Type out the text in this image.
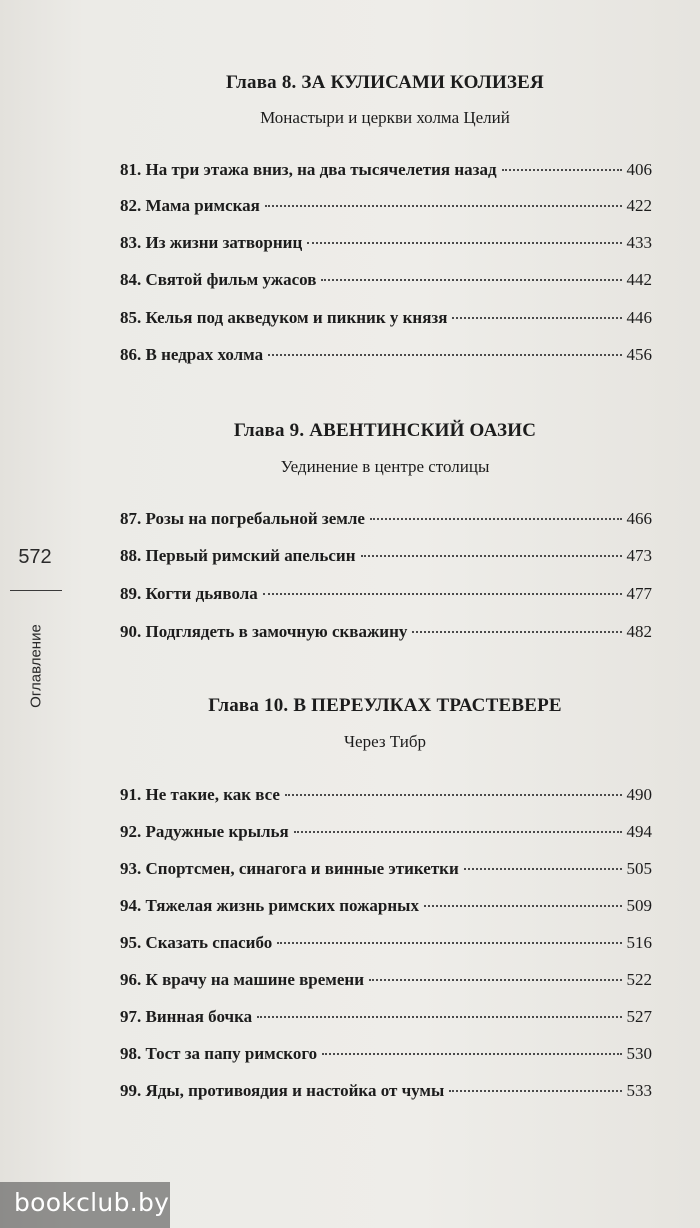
Глава 8. ЗА КУЛИСАМИ КОЛИЗЕЯ
Монастыри и церкви холма Целий
81. На три этажа вниз, на два тысячелетия назад	406
82. Мама римская	422
83. Из жизни затворниц	433
84. Святой фильм ужасов	442
85. Келья под акведуком и пикник у князя	446
86. В недрах холма	456
Глава 9. АВЕНТИНСКИЙ ОАЗИС
Уединение в центре столицы
87. Розы на погребальной земле	466
88. Первый римский апельсин	473
89. Когти дьявола	477
90. Подглядеть в замочную скважину	482
Глава 10. В ПЕРЕУЛКАХ ТРАСТЕВЕРЕ
Через Тибр
91. Не такие, как все	490
92. Радужные крылья	494
93. Спортсмен, синагога и винные этикетки	505
94. Тяжелая жизнь римских пожарных	509
95. Сказать спасибо	516
96. К врачу на машине времени	522
97. Винная бочка	527
98. Тост за папу римского	530
99. Яды, противоядия и настойка от чумы	533
572
Оглавление
bookclub.by
